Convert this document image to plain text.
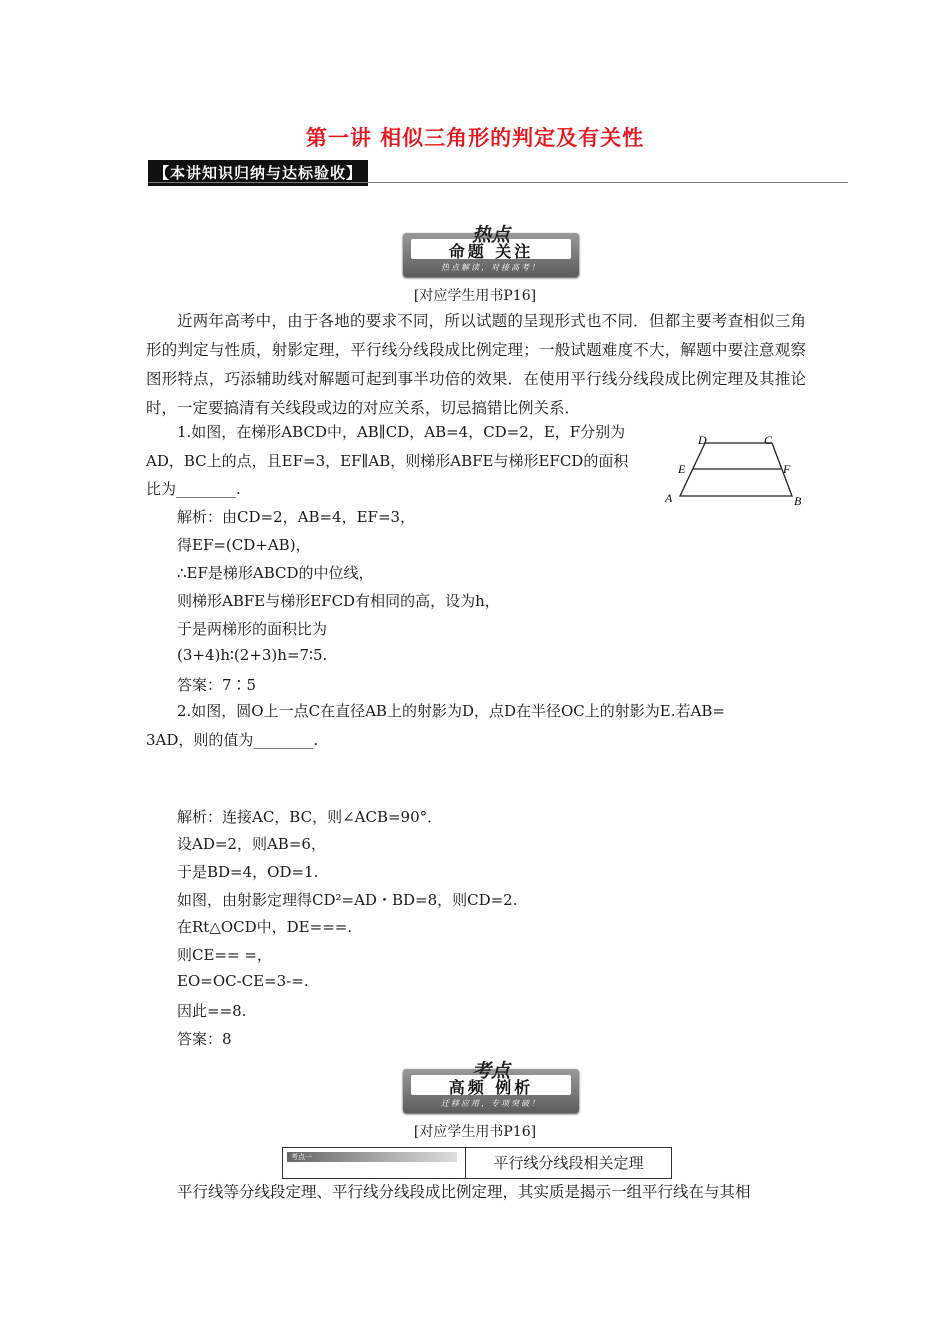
第一讲 相似三角形的判定及有关性
【本讲知识归纳与达标验收】
命题 关注
热点
热点解读，对接高考！
[对应学生用书P16]
近两年高考中，由于各地的要求不同，所以试题的呈现形式也不同．但都主要考查相似三角形的判定与性质，射影定理，平行线分线段成比例定理；一般试题难度不大，解题中要注意观察图形特点，巧添辅助线对解题可起到事半功倍的效果．在使用平行线分线段成比例定理及其推论时，一定要搞清有关线段或边的对应关系，切忌搞错比例关系．
1.如图，在梯形ABCD中，AB∥CD，AB=4，CD=2，E，F分别为
AD，BC上的点，且EF=3，EF∥AB，则梯形ABFE与梯形EFCD的面积
比为________.
D	C
E	F
A	B
解析：由CD=2，AB=4，EF=3，
得EF=(CD+AB)，
∴EF是梯形ABCD的中位线，
则梯形ABFE与梯形EFCD有相同的高，设为h，
于是两梯形的面积比为
(3+4)h∶(2+3)h=7∶5.
答案：7∶5
2.如图，圆O上一点C在直径AB上的射影为D，点D在半径OC上的射影为E.若AB=
3AD，则的值为________.
解析：连接AC，BC，则∠ACB=90°．
设AD=2，则AB=6，
于是BD=4，OD=1.
如图，由射影定理得CD²=AD・BD=8，则CD=2.
在Rt△OCD中，DE===.
则CE== =，
EO=OC-CE=3-=.
因此==8.
答案：8
高频 例析
考点
迁移应用，专项突破！
[对应学生用书P16]
考点一	平行线分线段相关定理
平行线等分线段定理、平行线分线段成比例定理，其实质是揭示一组平行线在与其相
